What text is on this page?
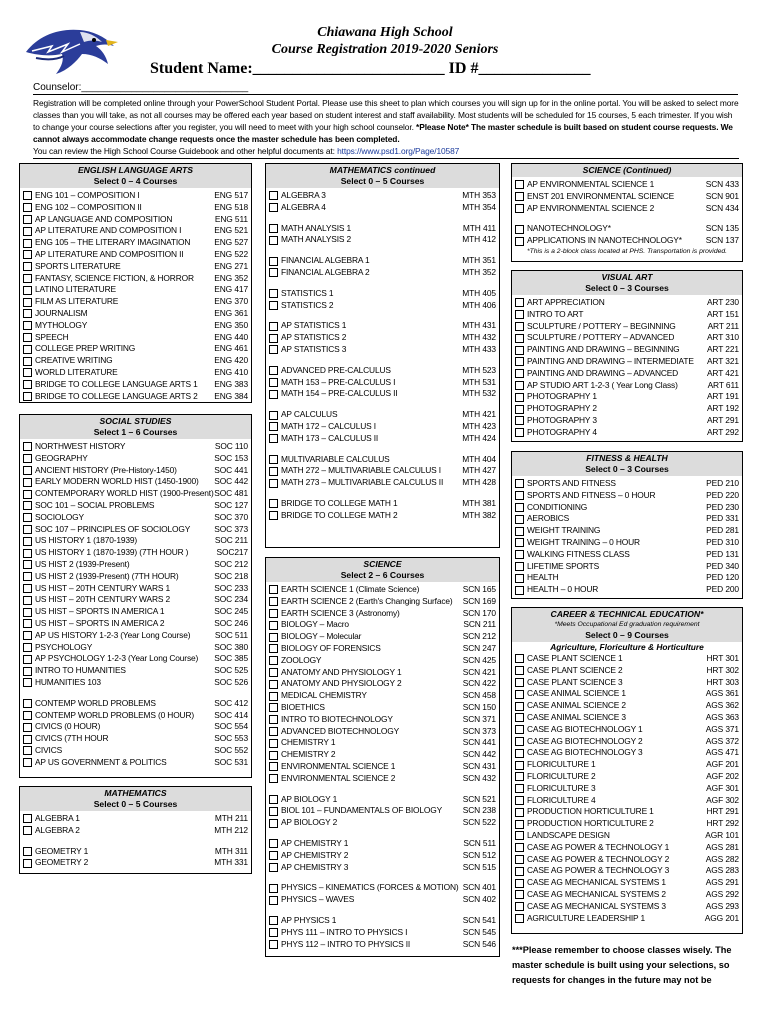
Chiawana High School
Course Registration 2019-2020 Seniors
Student Name:________________________ ID #______________
Counselor:______________________________
Registration will be completed online through your PowerSchool Student Portal. Please use this sheet to plan which courses you will sign up for in the online portal. You will be asked to select more classes than you will take, as not all courses may be offered each year based on student interest and staff availability. Most students will be scheduled for 15 courses, 5 each trimester. If you wish to change your course selections after you register, you will need to meet with your high school counselor. *Please Note* The master schedule is built based on student course requests. We cannot always accommodate change requests once the master schedule has been completed.
You can review the High School Course Guidebook and other helpful documents at: https://www.psd1.org/Page/10587
ENGLISH LANGUAGE ARTS
Select 0 – 4 Courses
ENG 101 – COMPOSITION I	ENG 517
ENG 102 – COMPOSITION II	ENG 518
AP LANGUAGE AND COMPOSITION	ENG 511
AP LITERATURE AND COMPOSITION I	ENG 521
ENG 105 – THE LITERARY IMAGINATION	ENG 527
AP LITERATURE AND COMPOSITION II	ENG 522
SPORTS LITERATURE	ENG 271
FANTASY, SCIENCE FICTION, & HORROR	ENG 352
LATINO LITERATURE	ENG 417
FILM AS LITERATURE	ENG 370
JOURNALISM	ENG 361
MYTHOLOGY	ENG 350
SPEECH	ENG 440
COLLEGE PREP WRITING	ENG 461
CREATIVE WRITING	ENG 420
WORLD LITERATURE	ENG 410
BRIDGE TO COLLEGE LANGUAGE ARTS 1	ENG 383
BRIDGE TO COLLEGE LANGUAGE ARTS 2	ENG 384
SOCIAL STUDIES
Select 1 – 6 Courses
NORTHWEST HISTORY	SOC 110
GEOGRAPHY	SOC 153
ANCIENT HISTORY (Pre-History-1450)	SOC 441
EARLY MODERN WORLD HIST (1450-1900)	SOC 442
CONTEMPORARY WORLD HIST (1900-Present) SOC 481
SOC 101 – SOCIAL PROBLEMS	SOC 127
SOCIOLOGY	SOC 370
SOC 107 – PRINCIPLES OF SOCIOLOGY	SOC 373
US HISTORY 1 (1870-1939)	SOC 211
US HISTORY 1 (1870-1939) (7TH HOUR )	SOC217
US HIST 2 (1939-Present)	SOC 212
US HIST 2 (1939-Present) (7TH HOUR)	SOC 218
US HIST – 20TH CENTURY WARS 1	SOC 233
US HIST – 20TH CENTURY WARS 2	SOC 234
US HIST – SPORTS IN AMERICA 1	SOC 245
US HIST – SPORTS IN AMERICA 2	SOC 246
AP US HISTORY 1-2-3 (Year Long Course)	SOC 511
PSYCHOLOGY	SOC 380
AP PSYCHOLOGY 1-2-3 (Year Long Course)	SOC 385
INTRO TO HUMANITIES	SOC 525
HUMANITIES 103	SOC 526
CONTEMP WORLD PROBLEMS	SOC 412
CONTEMP WORLD PROBLEMS (0 HOUR)	SOC 414
CIVICS (0 HOUR)	SOC 554
CIVICS (7TH HOUR	SOC 553
CIVICS	SOC 552
AP US GOVERNMENT & POLITICS	SOC 531
MATHEMATICS
Select 0 – 5 Courses
ALGEBRA 1	MTH 211
ALGEBRA 2	MTH 212
GEOMETRY 1	MTH 311
GEOMETRY 2	MTH 331
MATHEMATICS continued
Select 0 – 5 Courses
ALGEBRA 3	MTH 353
ALGEBRA 4	MTH 354
MATH ANALYSIS 1	MTH 411
MATH ANALYSIS 2	MTH 412
FINANCIAL ALGEBRA 1	MTH 351
FINANCIAL ALGEBRA 2	MTH 352
STATISTICS 1	MTH 405
STATISTICS 2	MTH 406
AP STATISTICS 1	MTH 431
AP STATISTICS 2	MTH 432
AP STATISTICS 3	MTH 433
ADVANCED PRE-CALCULUS	MTH 523
MATH 153 – PRE-CALCULUS I	MTH 531
MATH 154 – PRE-CALCULUS II	MTH 532
AP CALCULUS	MTH 421
MATH 172 – CALCULUS I	MTH 423
MATH 173 – CALCULUS II	MTH 424
MULTIVARIABLE CALCULUS	MTH 404
MATH 272 – MULTIVARIABLE CALCULUS I	MTH 427
MATH 273 – MULTIVARIABLE CALCULUS II	MTH 428
BRIDGE TO COLLEGE MATH 1	MTH 381
BRIDGE TO COLLEGE MATH 2	MTH 382
SCIENCE
Select 2 – 6 Courses
EARTH SCIENCE 1 (Climate Science)	SCN 165
EARTH SCIENCE 2 (Earth's Changing Surface)	SCN 169
EARTH SCIENCE 3 (Astronomy)	SCN 170
BIOLOGY – Macro	SCN 211
BIOLOGY – Molecular	SCN 212
BIOLOGY OF FORENSICS	SCN 247
ZOOLOGY	SCN 425
ANATOMY AND PHYSIOLOGY 1	SCN 421
ANATOMY AND PHYSIOLOGY 2	SCN 422
MEDICAL CHEMISTRY	SCN 458
BIOETHICS	SCN 150
INTRO TO BIOTECHNOLOGY	SCN 371
ADVANCED BIOTECHNOLOGY	SCN 373
CHEMISTRY 1	SCN 441
CHEMISTRY 2	SCN 442
ENVIRONMENTAL SCIENCE 1	SCN 431
ENVIRONMENTAL SCIENCE 2	SCN 432
AP BIOLOGY 1	SCN 521
BIOL 101 – FUNDAMENTALS OF BIOLOGY	SCN 238
AP BIOLOGY 2	SCN 522
AP CHEMISTRY 1	SCN 511
AP CHEMISTRY 2	SCN 512
AP CHEMISTRY 3	SCN 515
PHYSICS – KINEMATICS (FORCES & MOTION) SCN 401
PHYSICS – WAVES	SCN 402
AP PHYSICS 1	SCN 541
PHYS 111 – INTRO TO PHYSICS I	SCN 545
PHYS 112 – INTRO TO PHYSICS II	SCN 546
SCIENCE (Continued)
AP ENVIRONMENTAL SCIENCE 1	SCN 433
ENST 201 ENVIRONMENTAL SCIENCE	SCN 901
AP ENVIRONMENTAL SCIENCE 2	SCN 434
NANOTECHNOLOGY*	SCN 135
APPLICATIONS IN NANOTECHNOLOGY*	SCN 137
*This is a 2-block class located at PHS. Transportation is provided.
VISUAL ART
Select 0 – 3 Courses
ART APPRECIATION	ART 230
INTRO TO ART	ART 151
SCULPTURE / POTTERY – BEGINNING	ART 211
SCULPTURE / POTTERY – ADVANCED	ART 310
PAINTING AND DRAWING – BEGINNING	ART 221
PAINTING AND DRAWING – INTERMEDIATE	ART 321
PAINTING AND DRAWING – ADVANCED	ART 421
AP STUDIO ART 1-2-3 ( Year Long Class)	ART 611
PHOTOGRAPHY 1	ART 191
PHOTOGRAPHY 2	ART 192
PHOTOGRAPHY 3	ART 291
PHOTOGRAPHY 4	ART 292
FITNESS & HEALTH
Select 0 – 3 Courses
SPORTS AND FITNESS	PED 210
SPORTS AND FITNESS – 0 HOUR	PED 220
CONDITIONING	PED 230
AEROBICS	PED 331
WEIGHT TRAINING	PED 281
WEIGHT TRAINING – 0 HOUR	PED 310
WALKING FITNESS CLASS	PED 131
LIFETIME SPORTS	PED 340
HEALTH	PED 120
HEALTH – 0 HOUR	PED 200
CAREER & TECHNICAL EDUCATION*
*Meets Occupational Ed graduation requirement
Select 0 – 9 Courses
Agriculture, Floriculture & Horticulture
CASE PLANT SCIENCE 1	HRT 301
CASE PLANT SCIENCE 2	HRT 302
CASE PLANT SCIENCE 3	HRT 303
CASE ANIMAL SCIENCE 1	AGS 361
CASE ANIMAL SCIENCE 2	AGS 362
CASE ANIMAL SCIENCE 3	AGS 363
CASE AG BIOTECHNOLOGY 1	AGS 371
CASE AG BIOTECHNOLOGY 2	AGS 372
CASE AG BIOTECHNOLOGY 3	AGS 471
FLORICULTURE 1	AGF 201
FLORICULTURE 2	AGF 202
FLORICULTURE 3	AGF 301
FLORICULTURE 4	AGF 302
PRODUCTION HORTICULTURE 1	HRT 291
PRODUCTION HORTICULTURE 2	HRT 292
LANDSCAPE DESIGN	AGR 101
CASE AG POWER & TECHNOLOGY 1	AGS 281
CASE AG POWER & TECHNOLOGY 2	AGS 282
CASE AG POWER & TECHNOLOGY 3	AGS 283
CASE AG MECHANICAL SYSTEMS 1	AGS 291
CASE AG MECHANICAL SYSTEMS 2	AGS 292
CASE AG MECHANICAL SYSTEMS 3	AGS 293
AGRICULTURE LEADERSHIP 1	AGG 201
***Please remember to choose classes wisely. The master schedule is built using your selections, so requests for changes in the future may not be
